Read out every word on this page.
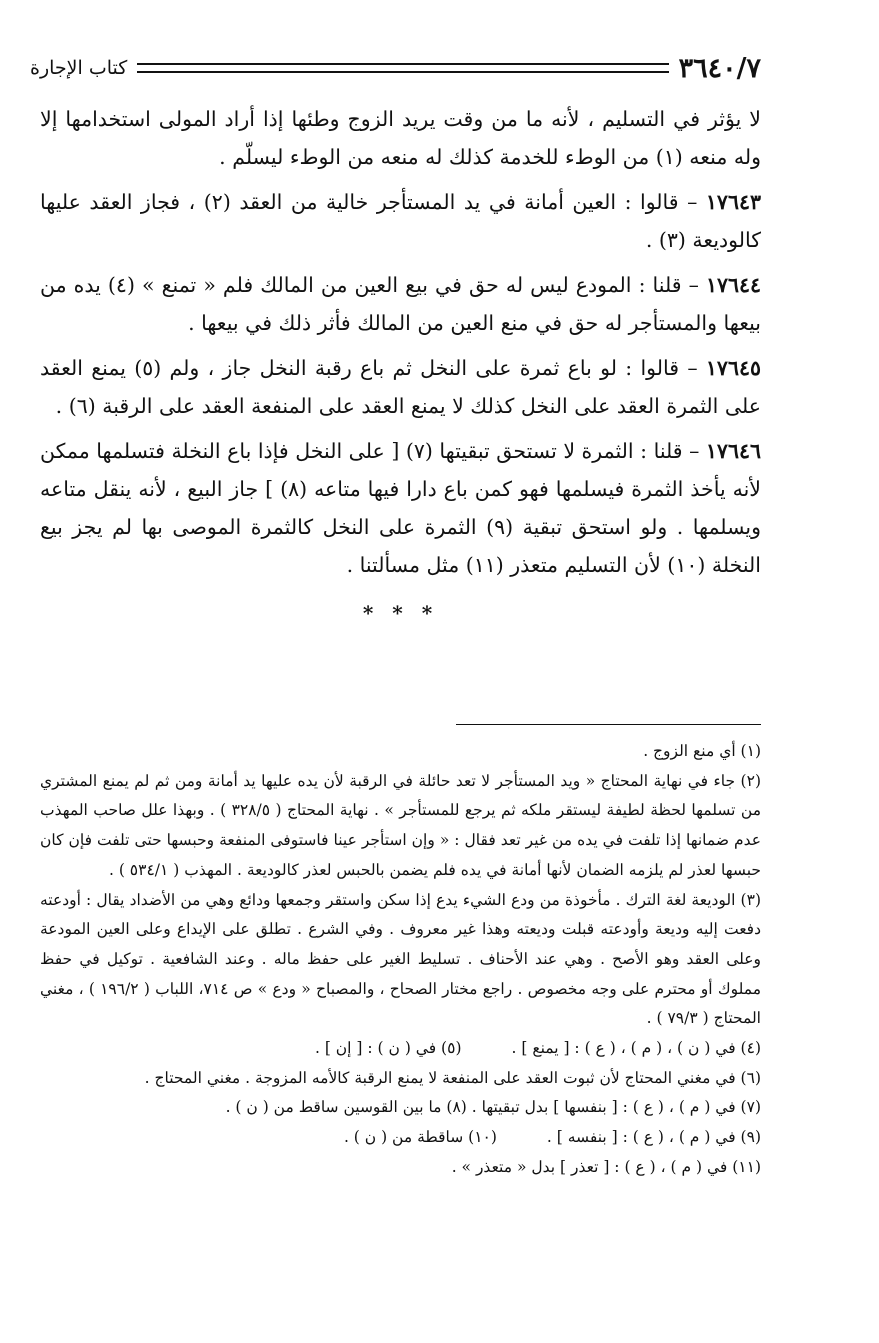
٣٦٤٠/٧
كتاب الإجارة

لا يؤثر في التسليم ، لأنه ما من وقت يريد الزوج وطئها إذا أراد المولى استخدامها إلا وله منعه (١) من الوطء للخدمة كذلك له منعه من الوطء ليسلّم .

١٧٦٤٣ – قالوا : العين أمانة في يد المستأجر خالية من العقد (٢) ، فجاز العقد عليها كالوديعة (٣) .

١٧٦٤٤ – قلنا : المودع ليس له حق في بيع العين من المالك فلم « تمنع » (٤) يده من بيعها والمستأجر له حق في منع العين من المالك فأثر ذلك في بيعها .

١٧٦٤٥ – قالوا : لو باع ثمرة على النخل ثم باع رقبة النخل جاز ، ولم (٥) يمنع العقد على الثمرة العقد على النخل كذلك لا يمنع العقد على المنفعة العقد على الرقبة (٦) .

١٧٦٤٦ – قلنا : الثمرة لا تستحق تبقيتها (٧) [ على النخل فإذا باع النخلة فتسلمها ممكن لأنه يأخذ الثمرة فيسلمها فهو كمن باع دارا فيها متاعه (٨) ] جاز البيع ، لأنه ينقل متاعه ويسلمها . ولو استحق تبقية (٩) الثمرة على النخل كالثمرة الموصى بها لم يجز بيع النخلة (١٠) لأن التسليم متعذر (١١) مثل مسألتنا .

* * *

(١) أي منع الزوج .

(٢) جاء في نهاية المحتاج « ويد المستأجر لا تعد حائلة في الرقبة لأن يده عليها يد أمانة ومن ثم لم يمنع المشتري من تسلمها لحظة لطيفة ليستقر ملكه ثم يرجع للمستأجر » . نهاية المحتاج ( ٣٢٨/٥ ) . وبهذا علل صاحب المهذب عدم ضمانها إذا تلفت في يده من غير تعد فقال : « وإن استأجر عينا فاستوفى المنفعة وحبسها حتى تلفت فإن كان حبسها لعذر لم يلزمه الضمان لأنها أمانة في يده فلم يضمن بالحبس لعذر كالوديعة . المهذب ( ٥٣٤/١ ) .

(٣) الوديعة لغة الترك . مأخوذة من ودع الشيء يدع إذا سكن واستقر وجمعها ودائع وهي من الأضداد يقال : أودعته دفعت إليه وديعة وأودعته قبلت وديعته وهذا غير معروف . وفي الشرع . تطلق على الإيداع وعلى العين المودعة وعلى العقد وهو الأصح . وهي عند الأحناف . تسليط الغير على حفظ ماله . وعند الشافعية . توكيل في حفظ مملوك أو محترم على وجه مخصوص . راجع مختار الصحاح ، والمصباح « ودع » ص ٧١٤، اللباب ( ١٩٦/٢ ) ، مغني المحتاج ( ٧٩/٣ ) .

(٤) في ( ن ) ، ( م ) ، ( ع ) : [ يمنع ] .
(٥) في ( ن ) : [ إن ] .

(٦) في مغني المحتاج لأن ثبوت العقد على المنفعة لا يمنع الرقبة كالأمه المزوجة . مغني المحتاج .

(٧) في ( م ) ، ( ع ) : [ بنفسها ] بدل تبقيتها . (٨) ما بين القوسين ساقط من ( ن ) .

(٩) في ( م ) ، ( ع ) : [ بنفسه ] .
(١٠) ساقطة من ( ن ) .

(١١) في ( م ) ، ( ع ) : [ تعذر ] بدل « متعذر » .
